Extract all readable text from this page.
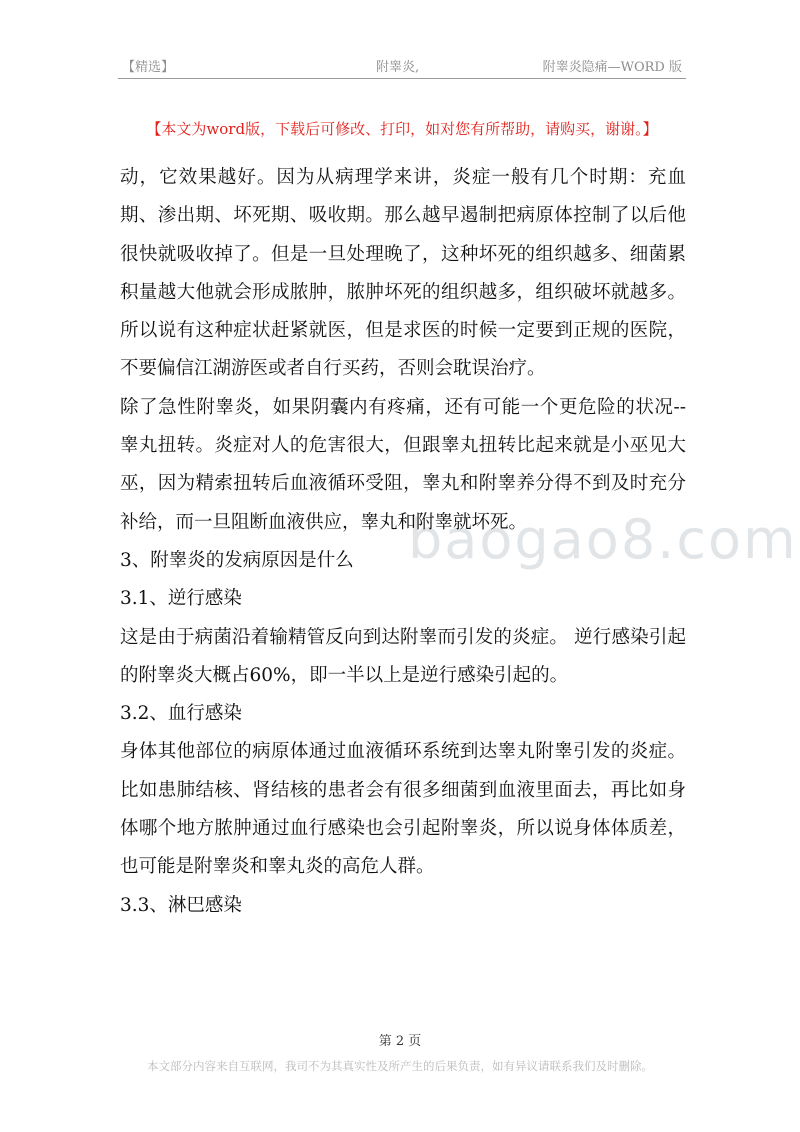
【精选】	附睾炎,	附睾炎隐痛—WORD 版
【本文为word版，下载后可修改、打印，如对您有所帮助，请购买，谢谢。】
baogao8.com

动，它效果越好。因为从病理学来讲，炎症一般有几个时期：充血期、渗出期、坏死期、吸收期。那么越早遏制把病原体控制了以后他很快就吸收掉了。但是一旦处理晚了，这种坏死的组织越多、细菌累积量越大他就会形成脓肿，脓肿坏死的组织越多，组织破坏就越多。所以说有这种症状赶紧就医，但是求医的时候一定要到正规的医院，不要偏信江湖游医或者自行买药，否则会耽误治疗。

除了急性附睾炎，如果阴囊内有疼痛，还有可能一个更危险的状况--睾丸扭转。炎症对人的危害很大，但跟睾丸扭转比起来就是小巫见大巫，因为精索扭转后血液循环受阻，睾丸和附睾养分得不到及时充分补给，而一旦阻断血液供应，睾丸和附睾就坏死。

3、附睾炎的发病原因是什么

3.1、逆行感染

这是由于病菌沿着输精管反向到达附睾而引发的炎症。 逆行感染引起的附睾炎大概占60%，即一半以上是逆行感染引起的。

3.2、血行感染

身体其他部位的病原体通过血液循环系统到达睾丸附睾引发的炎症。比如患肺结核、肾结核的患者会有很多细菌到血液里面去，再比如身体哪个地方脓肿通过血行感染也会引起附睾炎，所以说身体体质差，也可能是附睾炎和睾丸炎的高危人群。

3.3、淋巴感染

第 2 页
本文部分内容来自互联网，我司不为其真实性及所产生的后果负责，如有异议请联系我们及时删除。
